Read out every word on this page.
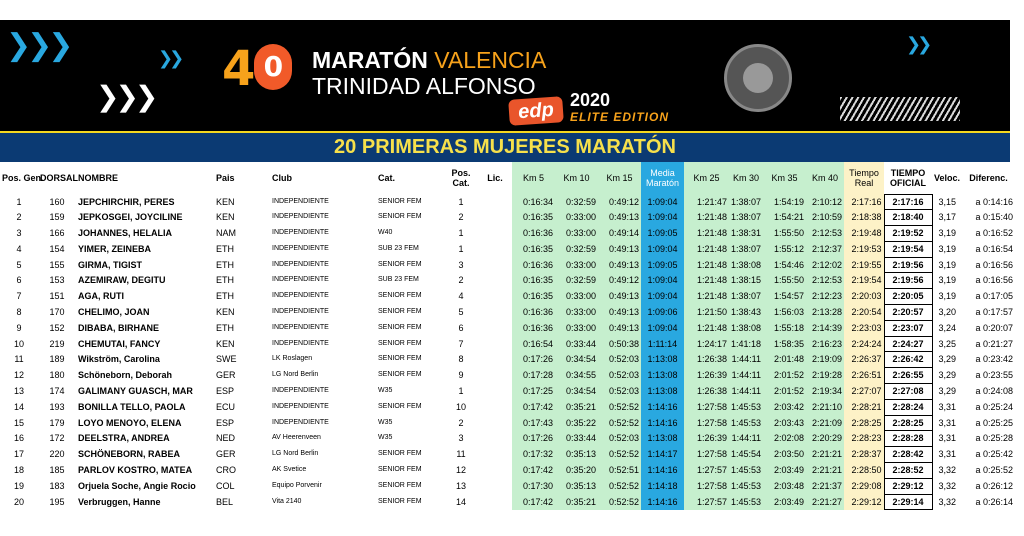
❯❯❯	❯❯
❯❯❯
❯❯
4 0	MARATÓN VALENCIA
TRINIDAD ALFONSO
edp 2020
ELITE EDITION
20 PRIMERAS MUJERES MARATÓN
Pos. Gen.	DORSAL	NOMBRE	Pais	Club	Cat.	Pos. Cat.	Lic.	Km 5	Km 10	Km 15	Media Maratón	Km 25	Km 30	Km 35	Km 40	Tiempo Real	TIEMPO OFICIAL	Veloc.	Diferenc.
1	160	JEPCHIRCHIR, PERES	KEN	INDEPENDIENTE	SENIOR FEM	1		0:16:34	0:32:59	0:49:12	1:09:04	1:21:47	1:38:07	1:54:19	2:10:12	2:17:16	2:17:16	3,15	a 0:14:16
2	159	JEPKOSGEI, JOYCILINE	KEN	INDEPENDIENTE	SENIOR FEM	2		0:16:35	0:33:00	0:49:13	1:09:04	1:21:48	1:38:07	1:54:21	2:10:59	2:18:38	2:18:40	3,17	a 0:15:40
3	166	JOHANNES, HELALIA	NAM	INDEPENDIENTE	W40	1		0:16:36	0:33:00	0:49:14	1:09:05	1:21:48	1:38:31	1:55:50	2:12:53	2:19:48	2:19:52	3,19	a 0:16:52
4	154	YIMER, ZEINEBA	ETH	INDEPENDIENTE	SUB 23 FEM	1		0:16:35	0:32:59	0:49:13	1:09:04	1:21:48	1:38:07	1:55:12	2:12:37	2:19:53	2:19:54	3,19	a 0:16:54
5	155	GIRMA, TIGIST	ETH	INDEPENDIENTE	SENIOR FEM	3		0:16:36	0:33:00	0:49:13	1:09:05	1:21:48	1:38:08	1:54:46	2:12:02	2:19:55	2:19:56	3,19	a 0:16:56
6	153	AZEMIRAW, DEGITU	ETH	INDEPENDIENTE	SUB 23 FEM	2		0:16:35	0:32:59	0:49:12	1:09:04	1:21:48	1:38:15	1:55:50	2:12:53	2:19:54	2:19:56	3,19	a 0:16:56
7	151	AGA, RUTI	ETH	INDEPENDIENTE	SENIOR FEM	4		0:16:35	0:33:00	0:49:13	1:09:04	1:21:48	1:38:07	1:54:57	2:12:23	2:20:03	2:20:05	3,19	a 0:17:05
8	170	CHELIMO, JOAN	KEN	INDEPENDIENTE	SENIOR FEM	5		0:16:36	0:33:00	0:49:13	1:09:06	1:21:50	1:38:43	1:56:03	2:13:28	2:20:54	2:20:57	3,20	a 0:17:57
9	152	DIBABA, BIRHANE	ETH	INDEPENDIENTE	SENIOR FEM	6		0:16:36	0:33:00	0:49:13	1:09:04	1:21:48	1:38:08	1:55:18	2:14:39	2:23:03	2:23:07	3,24	a 0:20:07
10	219	CHEMUTAI, FANCY	KEN	INDEPENDIENTE	SENIOR FEM	7		0:16:54	0:33:44	0:50:38	1:11:14	1:24:17	1:41:18	1:58:35	2:16:23	2:24:24	2:24:27	3,25	a 0:21:27
11	189	Wikström, Carolina	SWE	LK Roslagen	SENIOR FEM	8		0:17:26	0:34:54	0:52:03	1:13:08	1:26:38	1:44:11	2:01:48	2:19:09	2:26:37	2:26:42	3,29	a 0:23:42
12	180	Schöneborn, Deborah	GER	LG Nord Berlin	SENIOR FEM	9		0:17:28	0:34:55	0:52:03	1:13:08	1:26:39	1:44:11	2:01:52	2:19:28	2:26:51	2:26:55	3,29	a 0:23:55
13	174	GALIMANY GUASCH, MAR	ESP	INDEPENDIENTE	W35	1		0:17:25	0:34:54	0:52:03	1:13:08	1:26:38	1:44:11	2:01:52	2:19:34	2:27:07	2:27:08	3,29	a 0:24:08
14	193	BONILLA TELLO, PAOLA	ECU	INDEPENDIENTE	SENIOR FEM	10		0:17:42	0:35:21	0:52:52	1:14:16	1:27:58	1:45:53	2:03:42	2:21:10	2:28:21	2:28:24	3,31	a 0:25:24
15	179	LOYO MENOYO, ELENA	ESP	INDEPENDIENTE	W35	2		0:17:43	0:35:22	0:52:52	1:14:16	1:27:58	1:45:53	2:03:43	2:21:09	2:28:25	2:28:25	3,31	a 0:25:25
16	172	DEELSTRA, ANDREA	NED	AV Heerenveen	W35	3		0:17:26	0:33:44	0:52:03	1:13:08	1:26:39	1:44:11	2:02:08	2:20:29	2:28:23	2:28:28	3,31	a 0:25:28
17	220	SCHÖNEBORN, RABEA	GER	LG Nord Berlin	SENIOR FEM	11		0:17:32	0:35:13	0:52:52	1:14:17	1:27:58	1:45:54	2:03:50	2:21:21	2:28:37	2:28:42	3,31	a 0:25:42
18	185	PARLOV KOSTRO, MATEA	CRO	AK Svetice	SENIOR FEM	12		0:17:42	0:35:20	0:52:51	1:14:16	1:27:57	1:45:53	2:03:49	2:21:21	2:28:50	2:28:52	3,32	a 0:25:52
19	183	Orjuela Soche, Angie Rocio	COL	Equipo Porvenir	SENIOR FEM	13		0:17:30	0:35:13	0:52:52	1:14:18	1:27:58	1:45:53	2:03:48	2:21:37	2:29:08	2:29:12	3,32	a 0:26:12
20	195	Verbruggen, Hanne	BEL	Vita 2140	SENIOR FEM	14		0:17:42	0:35:21	0:52:52	1:14:16	1:27:57	1:45:53	2:03:49	2:21:27	2:29:12	2:29:14	3,32	a 0:26:14
